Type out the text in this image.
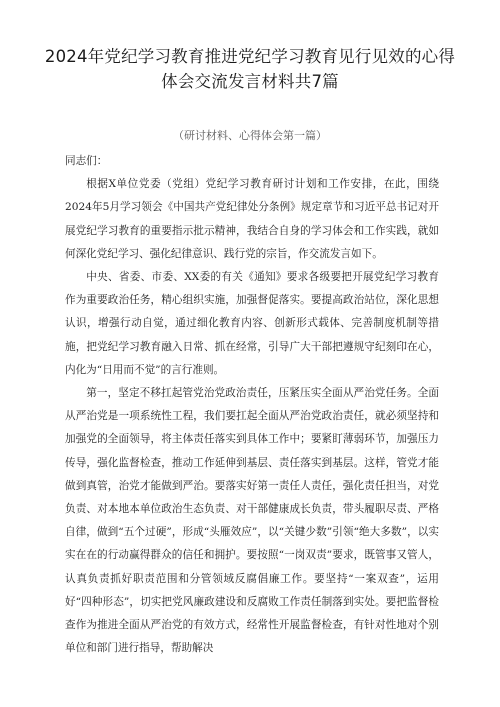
2024年党纪学习教育推进党纪学习教育见行见效的心得体会交流发言材料共7篇
（研讨材料、心得体会第一篇）

同志们：

根据X单位党委（党组）党纪学习教育研讨计划和工作安排，在此，围绕2024年5月学习领会《中国共产党纪律处分条例》规定章节和习近平总书记对开展党纪学习教育的重要指示批示精神，我结合自身的学习体会和工作实践，就如何深化党纪学习、强化纪律意识、践行党的宗旨，作交流发言如下。

中央、省委、市委、XX委的有关《通知》要求各级要把开展党纪学习教育作为重要政治任务，精心组织实施，加强督促落实。要提高政治站位，深化思想认识，增强行动自觉，通过细化教育内容、创新形式载体、完善制度机制等措施，把党纪学习教育融入日常、抓在经常，引导广大干部把遵规守纪刻印在心，内化为“日用而不觉”的言行准则。

第一，坚定不移扛起管党治党政治责任，压紧压实全面从严治党任务。全面从严治党是一项系统性工程，我们要扛起全面从严治党政治责任，就必须坚持和加强党的全面领导，将主体责任落实到具体工作中；要紧盯薄弱环节，加强压力传导，强化监督检查，推动工作延伸到基层、责任落实到基层。这样，管党才能做到真管，治党才能做到严治。要落实好第一责任人责任，强化责任担当，对党负责、对本地本单位政治生态负责、对干部健康成长负责，带头履职尽责、严格自律，做到“五个过硬”，形成“头雁效应”，以“关键少数”引领“绝大多数”，以实实在在的行动赢得群众的信任和拥护。要按照“一岗双责”要求，既管事又管人，认真负责抓好职责范围和分管领域反腐倡廉工作。要坚持“一案双查”，运用好“四种形态”，切实把党风廉政建设和反腐败工作责任制落到实处。要把监督检查作为推进全面从严治党的有效方式，经常性开展监督检查，有针对性地对个别单位和部门进行指导，帮助解决
